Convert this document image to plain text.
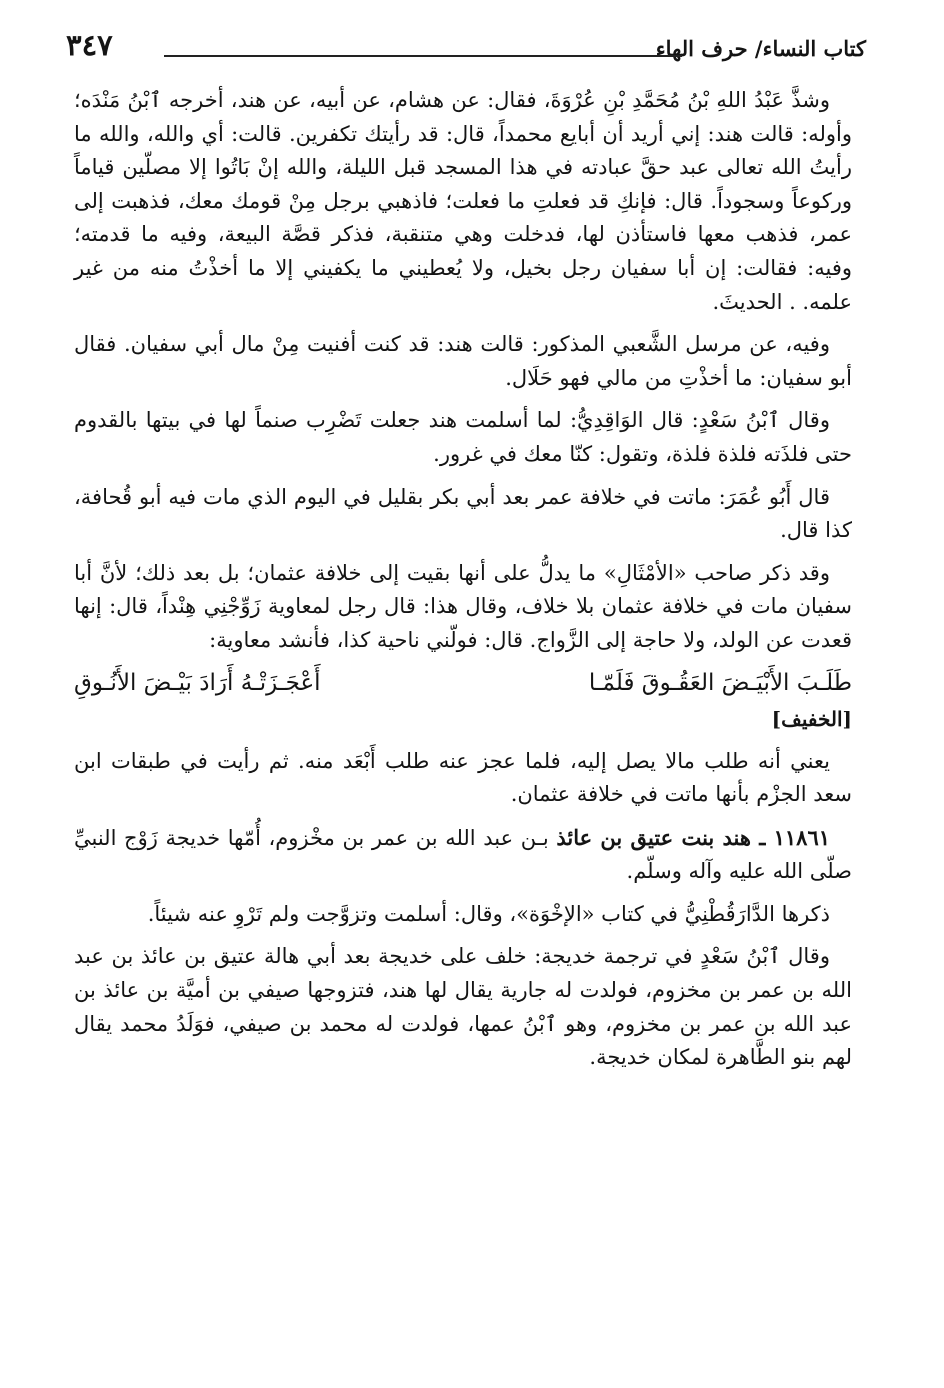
كتاب النساء/ حرف الهاء
٣٤٧

وشذَّ عَبْدُ اللهِ بْنُ مُحَمَّدِ بْنِ عُرْوَةَ، فقال: عن هشام، عن أبيه، عن هند، أخرجه ٱبْنُ مَنْدَه؛ وأوله: قالت هند: إني أريد أن أبايع محمداً، قال: قد رأيتك تكفرين. قالت: أي والله، والله ما رأيتُ الله تعالى عبد حقَّ عبادته في هذا المسجد قبل الليلة، والله إنْ بَاتُوا إلا مصلّين قياماً وركوعاً وسجوداً. قال: فإنكِ قد فعلتِ ما فعلت؛ فاذهبي برجل مِنْ قومك معك، فذهبت إلى عمر، فذهب معها فاستأذن لها، فدخلت وهي متنقبة، فذكر قصَّة البيعة، وفيه ما قدمته؛ وفيه: فقالت: إن أبا سفيان رجل بخيل، ولا يُعطيني ما يكفيني إلا ما أخذْتُ منه من غير علمه. . الحديثَ.

وفيه، عن مرسل الشَّعبي المذكور: قالت هند: قد كنت أفنيت مِنْ مال أبي سفيان. فقال أبو سفيان: ما أخذْتِ من مالي فهو حَلَال.

وقال ٱبْنُ سَعْدٍ: قال الوَاقِدِيُّ: لما أسلمت هند جعلت تَضْرِب صنماً لها في بيتها بالقدوم حتى فلذَته فلذة فلذة، وتقول: كنّا معك في غرور.

قال أَبُو عُمَرَ: ماتت في خلافة عمر بعد أبي بكر بقليل في اليوم الذي مات فيه أبو قُحافة، كذا قال.

وقد ذكر صاحب «الأمْثَالِ» ما يدلُّ على أنها بقيت إلى خلافة عثمان؛ بل بعد ذلك؛ لأنَّ أبا سفيان مات في خلافة عثمان بلا خلاف، وقال هذا: قال رجل لمعاوية زَوِّجْنِي هِنْداً، قال: إنها قعدت عن الولد، ولا حاجة إلى الزَّواج. قال: فولّني ناحية كذا، فأنشد معاوية:

طَلَـبَ الأَبْيَـضَ العَقُـوقَ فَلَمّـا
أَعْجَـزَتْـهُ أَرَادَ بَيْـضَ الأَنُـوقِ
[الخفيف]

يعني أنه طلب مالا يصل إليه، فلما عجز عنه طلب أَبْعَد منه. ثم رأيت في طبقات ابن سعد الجزْم بأنها ماتت في خلافة عثمان.

١١٨٦١ ـ هند بنت عتيق بن عائذ بـن عبد الله بن عمر بن مخْزوم، أُمّها خديجة زَوْج النبيِّ صلّى الله عليه وآله وسلّم.

ذكرها الدَّارَقُطْنِيُّ في كتاب «الإخْوَة»، وقال: أسلمت وتزوَّجت ولم تَرْوِ عنه شيئاً.

وقال ٱبْنُ سَعْدٍ في ترجمة خديجة: خلف على خديجة بعد أبي هالة عتيق بن عائذ بن عبد الله بن عمر بن مخزوم، فولدت له جارية يقال لها هند، فتزوجها صيفي بن أميَّة بن عائذ بن عبد الله بن عمر بن مخزوم، وهو ٱبْنُ عمها، فولدت له محمد بن صيفي، فوَلَدُ محمد يقال لهم بنو الطَّاهرة لمكان خديجة.
